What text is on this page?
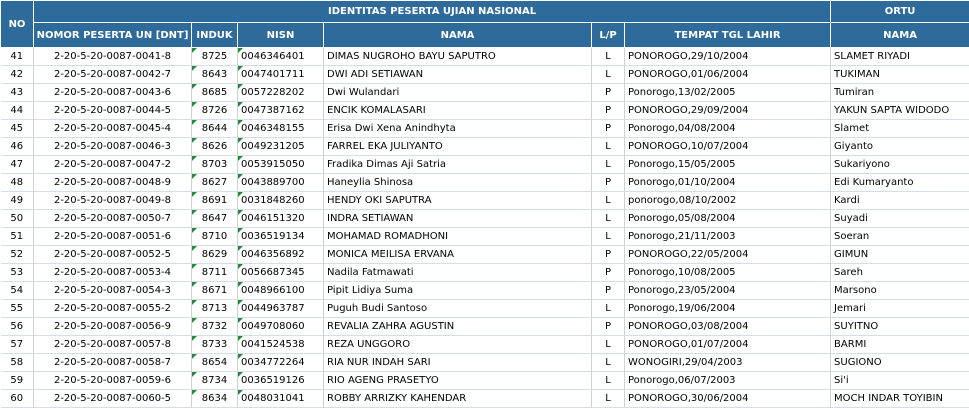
NO	IDENTITAS PESERTA UJIAN NASIONAL						ORTU
	NOMOR PESERTA UN [DNT]	INDUK	NISN	NAMA	L/P	TEMPAT TGL LAHIR	NAMA
41	2-20-5-20-0087-0041-8	8725	0046346401	DIMAS NUGROHO BAYU SAPUTRO	L	PONOROGO,29/10/2004	SLAMET RIYADI
42	2-20-5-20-0087-0042-7	8643	0047401711	DWI ADI SETIAWAN	L	PONOROGO,01/06/2004	TUKIMAN
43	2-20-5-20-0087-0043-6	8685	0057228202	Dwi Wulandari	P	Ponorogo,13/02/2005	Tumiran
44	2-20-5-20-0087-0044-5	8726	0047387162	ENCIK KOMALASARI	P	PONOROGO,29/09/2004	YAKUN SAPTA WIDODO
45	2-20-5-20-0087-0045-4	8644	0046348155	Erisa Dwi Xena Anindhyta	P	Ponorogo,04/08/2004	Slamet
46	2-20-5-20-0087-0046-3	8626	0049231205	FARREL EKA JULIYANTO	L	PONOROGO,10/07/2004	Giyanto
47	2-20-5-20-0087-0047-2	8703	0053915050	Fradika Dimas Aji Satria	L	Ponorogo,15/05/2005	Sukariyono
48	2-20-5-20-0087-0048-9	8627	0043889700	Haneylia Shinosa	P	Ponorogo,01/10/2004	Edi Kumaryanto
49	2-20-5-20-0087-0049-8	8691	0031848260	HENDY OKI SAPUTRA	L	ponorogo,08/10/2002	Kardi
50	2-20-5-20-0087-0050-7	8647	0046151320	INDRA SETIAWAN	L	Ponorogo,05/08/2004	Suyadi
51	2-20-5-20-0087-0051-6	8710	0036519134	MOHAMAD ROMADHONI	L	Ponorogo,21/11/2003	Soeran
52	2-20-5-20-0087-0052-5	8629	0046356892	MONICA MEILISA ERVANA	P	PONOROGO,22/05/2004	GIMUN
53	2-20-5-20-0087-0053-4	8711	0056687345	Nadila Fatmawati	P	Ponorogo,10/08/2005	Sareh
54	2-20-5-20-0087-0054-3	8671	0048966100	Pipit Lidiya Suma	P	Ponorogo,23/05/2004	Marsono
55	2-20-5-20-0087-0055-2	8713	0044963787	Puguh Budi Santoso	L	Ponorogo,19/06/2004	Jemari
56	2-20-5-20-0087-0056-9	8732	0049708060	REVALIA ZAHRA AGUSTIN	P	PONOROGO,03/08/2004	SUYITNO
57	2-20-5-20-0087-0057-8	8733	0041524538	REZA UNGGORO	L	PONOROGO,01/07/2004	BARMI
58	2-20-5-20-0087-0058-7	8654	0034772264	RIA NUR INDAH SARI	L	WONOGIRI,29/04/2003	SUGIONO
59	2-20-5-20-0087-0059-6	8734	0036519126	RIO AGENG PRASETYO	L	Ponorogo,06/07/2003	Si'i
60	2-20-5-20-0087-0060-5	8634	0048031041	ROBBY ARRIZKY KAHENDAR	L	PONOROGO,30/06/2004	MOCH INDAR TOYIBIN
